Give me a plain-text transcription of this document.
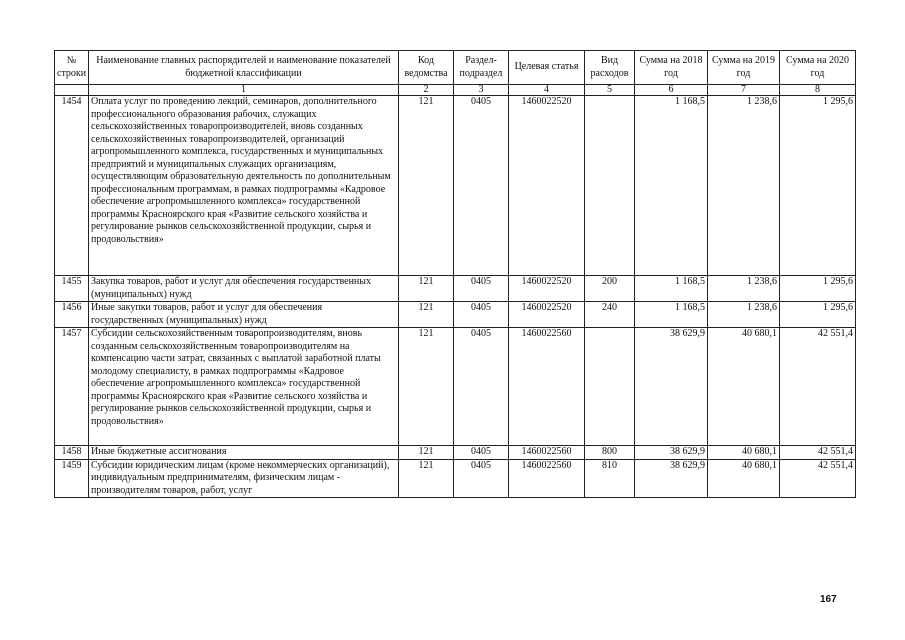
№ строки	Наименование главных распорядителей и наименование показателей бюджетной классификации	Код ведомства	Раздел-подраздел	Целевая статья	Вид расходов	Сумма на 2018 год	Сумма на 2019 год	Сумма на 2020 год
	1	2	3	4	5	6	7	8
1454	Оплата услуг по проведению лекций, семинаров, дополнительного профессионального образования рабочих, служащих сельскохозяйственных товаропроизводителей, вновь созданных сельскохозяйственных товаропроизводителей, организаций агропромышленного комплекса, государственных и муниципальных предприятий и муниципальных служащих организациям, осуществляющим образовательную деятельность по дополнительным профессиональным программам, в рамках подпрограммы «Кадровое обеспечение агропромышленного комплекса» государственной программы Красноярского края «Развитие сельского хозяйства и регулирование рынков сельскохозяйственной продукции, сырья и продовольствия»	121	0405	1460022520		1 168,5	1 238,6	1 295,6
1455	Закупка товаров, работ и услуг для обеспечения государственных (муниципальных) нужд	121	0405	1460022520	200	1 168,5	1 238,6	1 295,6
1456	Иные закупки товаров, работ и услуг для обеспечения государственных (муниципальных) нужд	121	0405	1460022520	240	1 168,5	1 238,6	1 295,6
1457	Субсидии сельскохозяйственным товаропроизводителям, вновь созданным сельскохозяйственным товаропроизводителям на компенсацию части затрат, связанных с выплатой заработной платы молодому специалисту, в рамках подпрограммы «Кадровое обеспечение агропромышленного комплекса» государственной программы Красноярского края «Развитие сельского хозяйства и регулирование рынков сельскохозяйственной продукции, сырья и продовольствия»	121	0405	1460022560		38 629,9	40 680,1	42 551,4
1458	Иные бюджетные ассигнования	121	0405	1460022560	800	38 629,9	40 680,1	42 551,4
1459	Субсидии юридическим лицам (кроме некоммерческих организаций), индивидуальным предпринимателям, физическим лицам - производителям товаров, работ, услуг	121	0405	1460022560	810	38 629,9	40 680,1	42 551,4
167
